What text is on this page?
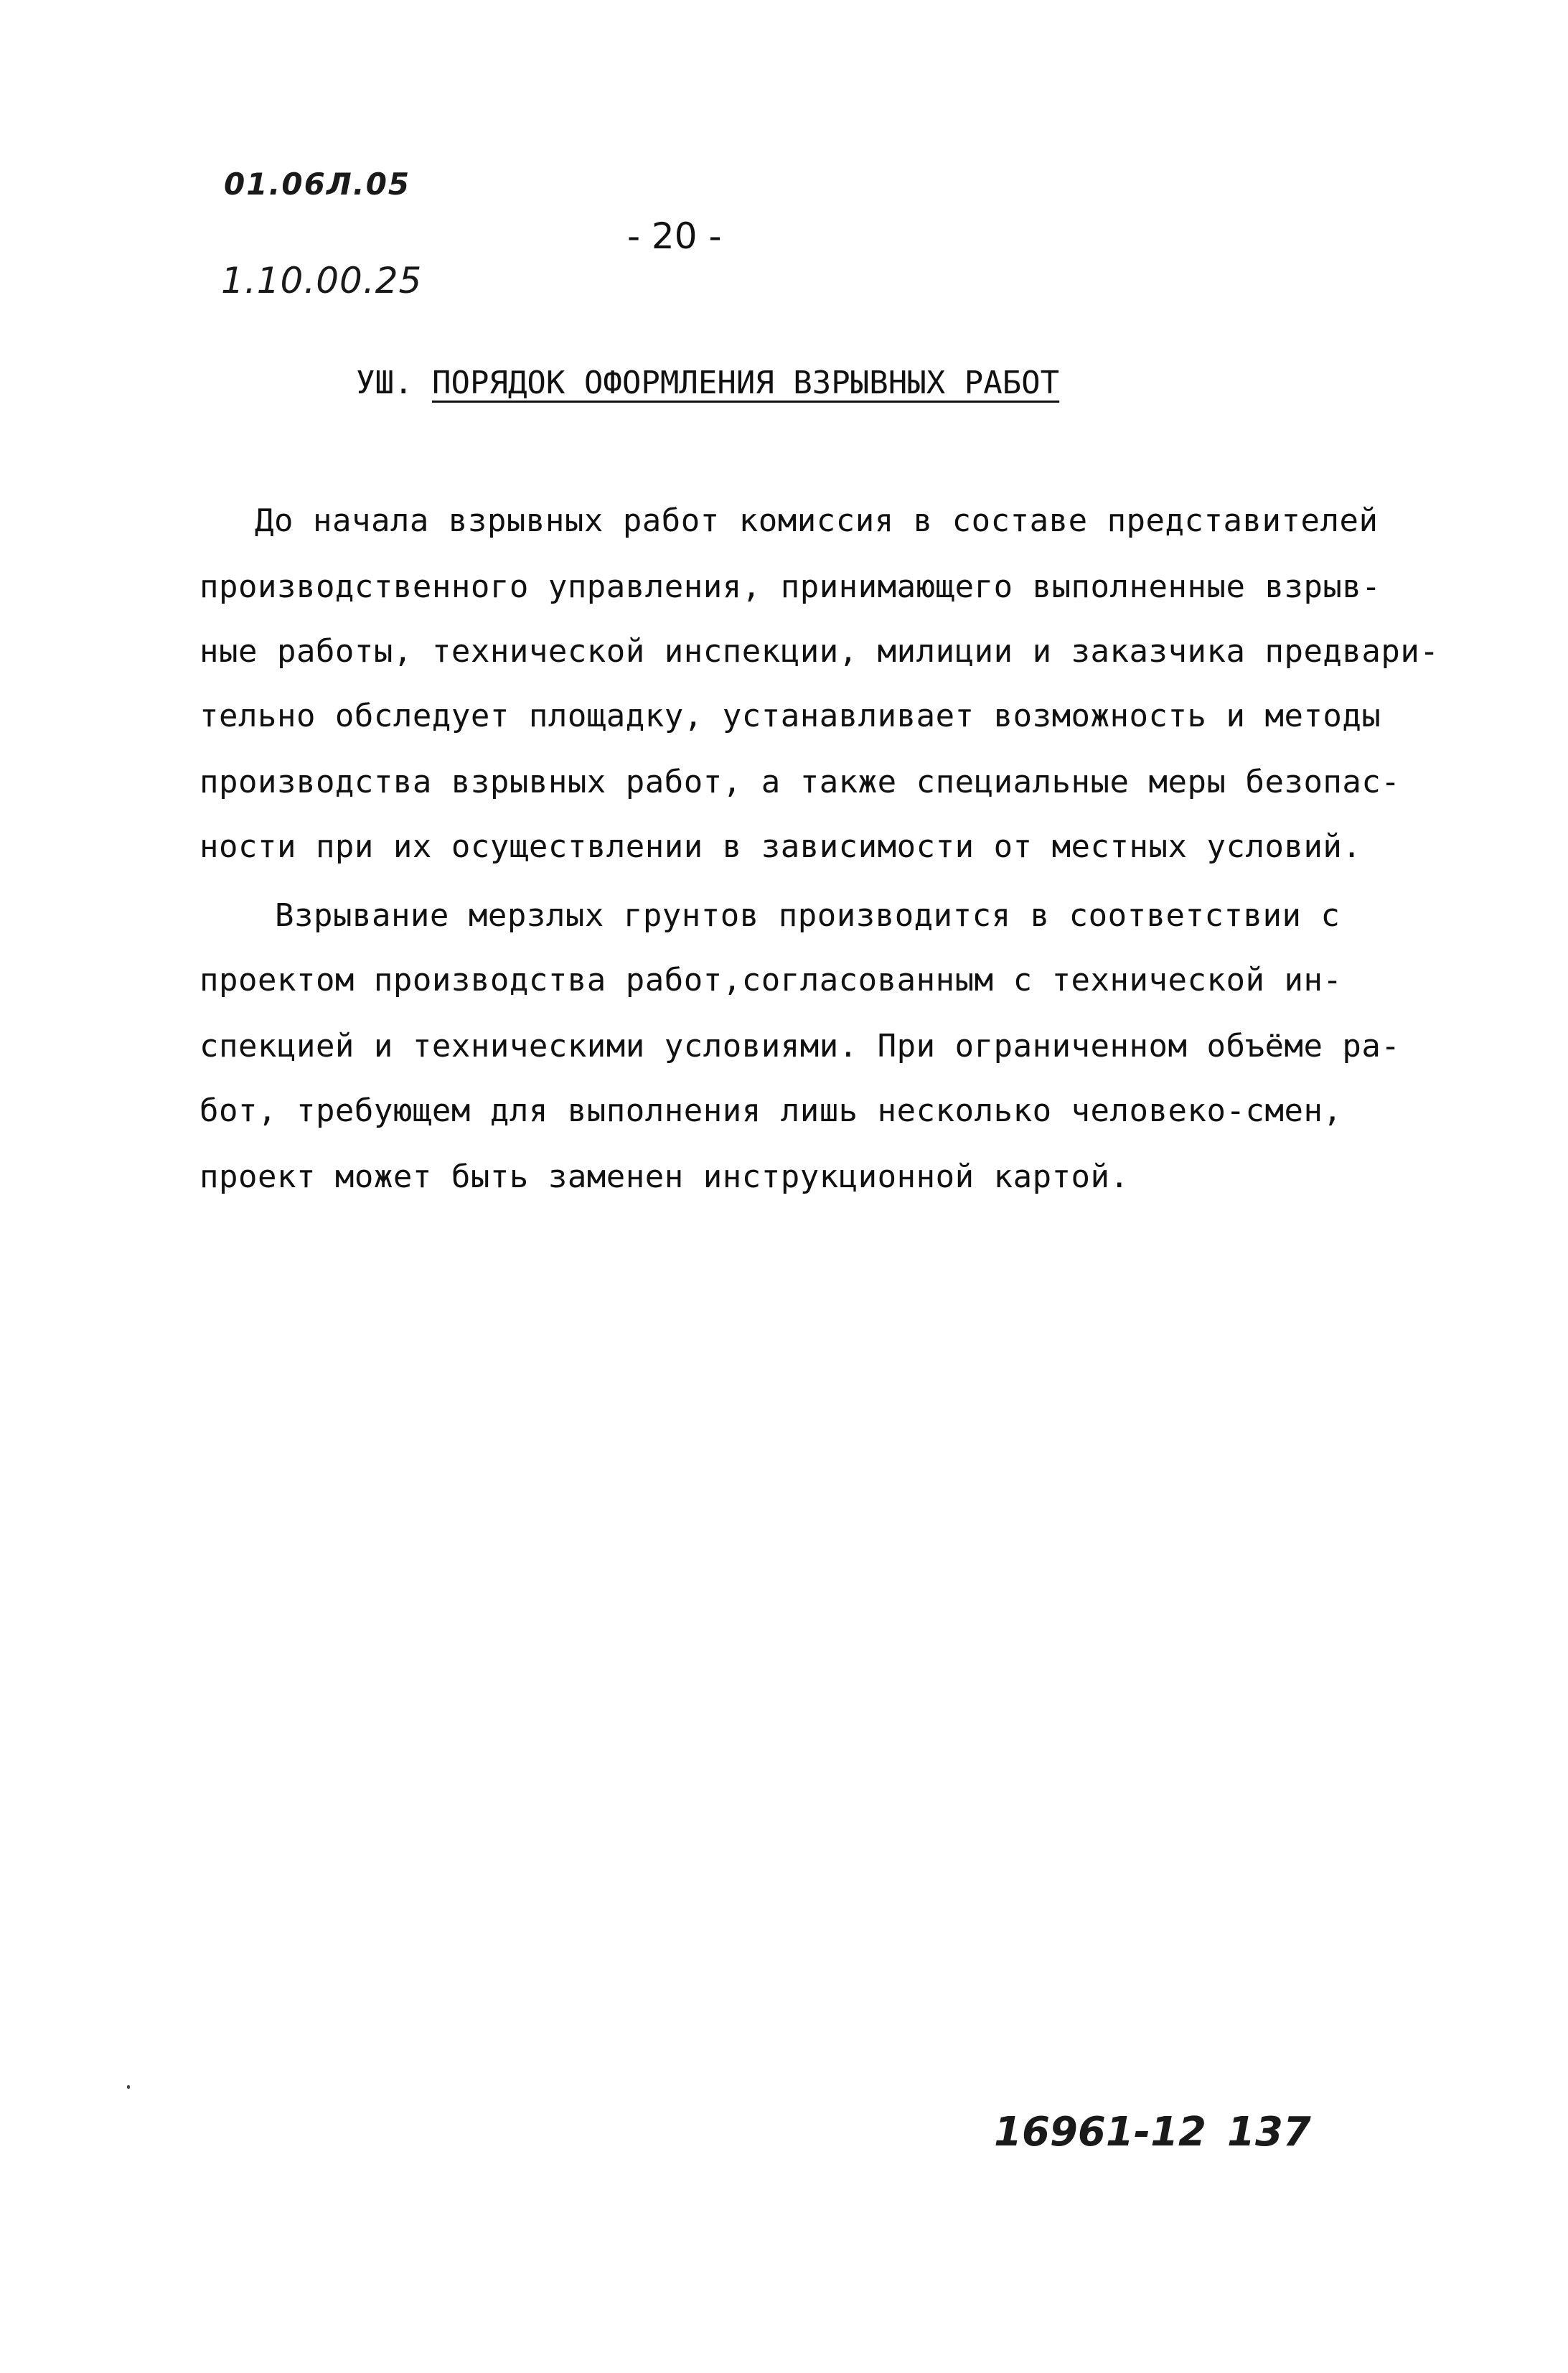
01.06Л.05
1.10.00.25
- 20 -
УШ. ПОРЯДОК ОФОРМЛЕНИЯ ВЗРЫВНЫХ РАБОТ
До начала взрывных работ комиссия в составе представителей
производственного управления, принимающего выполненные взрыв-
ные работы, технической инспекции, милиции и заказчика предвари-
тельно обследует площадку, устанавливает возможность и методы
производства взрывных работ, а также специальные меры безопас-
ности при их осуществлении в зависимости от местных условий.
Взрывание мерзлых грунтов производится в соответствии с
проектом производства работ,согласованным с технической ин-
спекцией и техническими условиями. При ограниченном объёме ра-
бот, требующем для выполнения лишь несколько человеко-смен,
проект может быть заменен инструкционной картой.
16961-12 137
